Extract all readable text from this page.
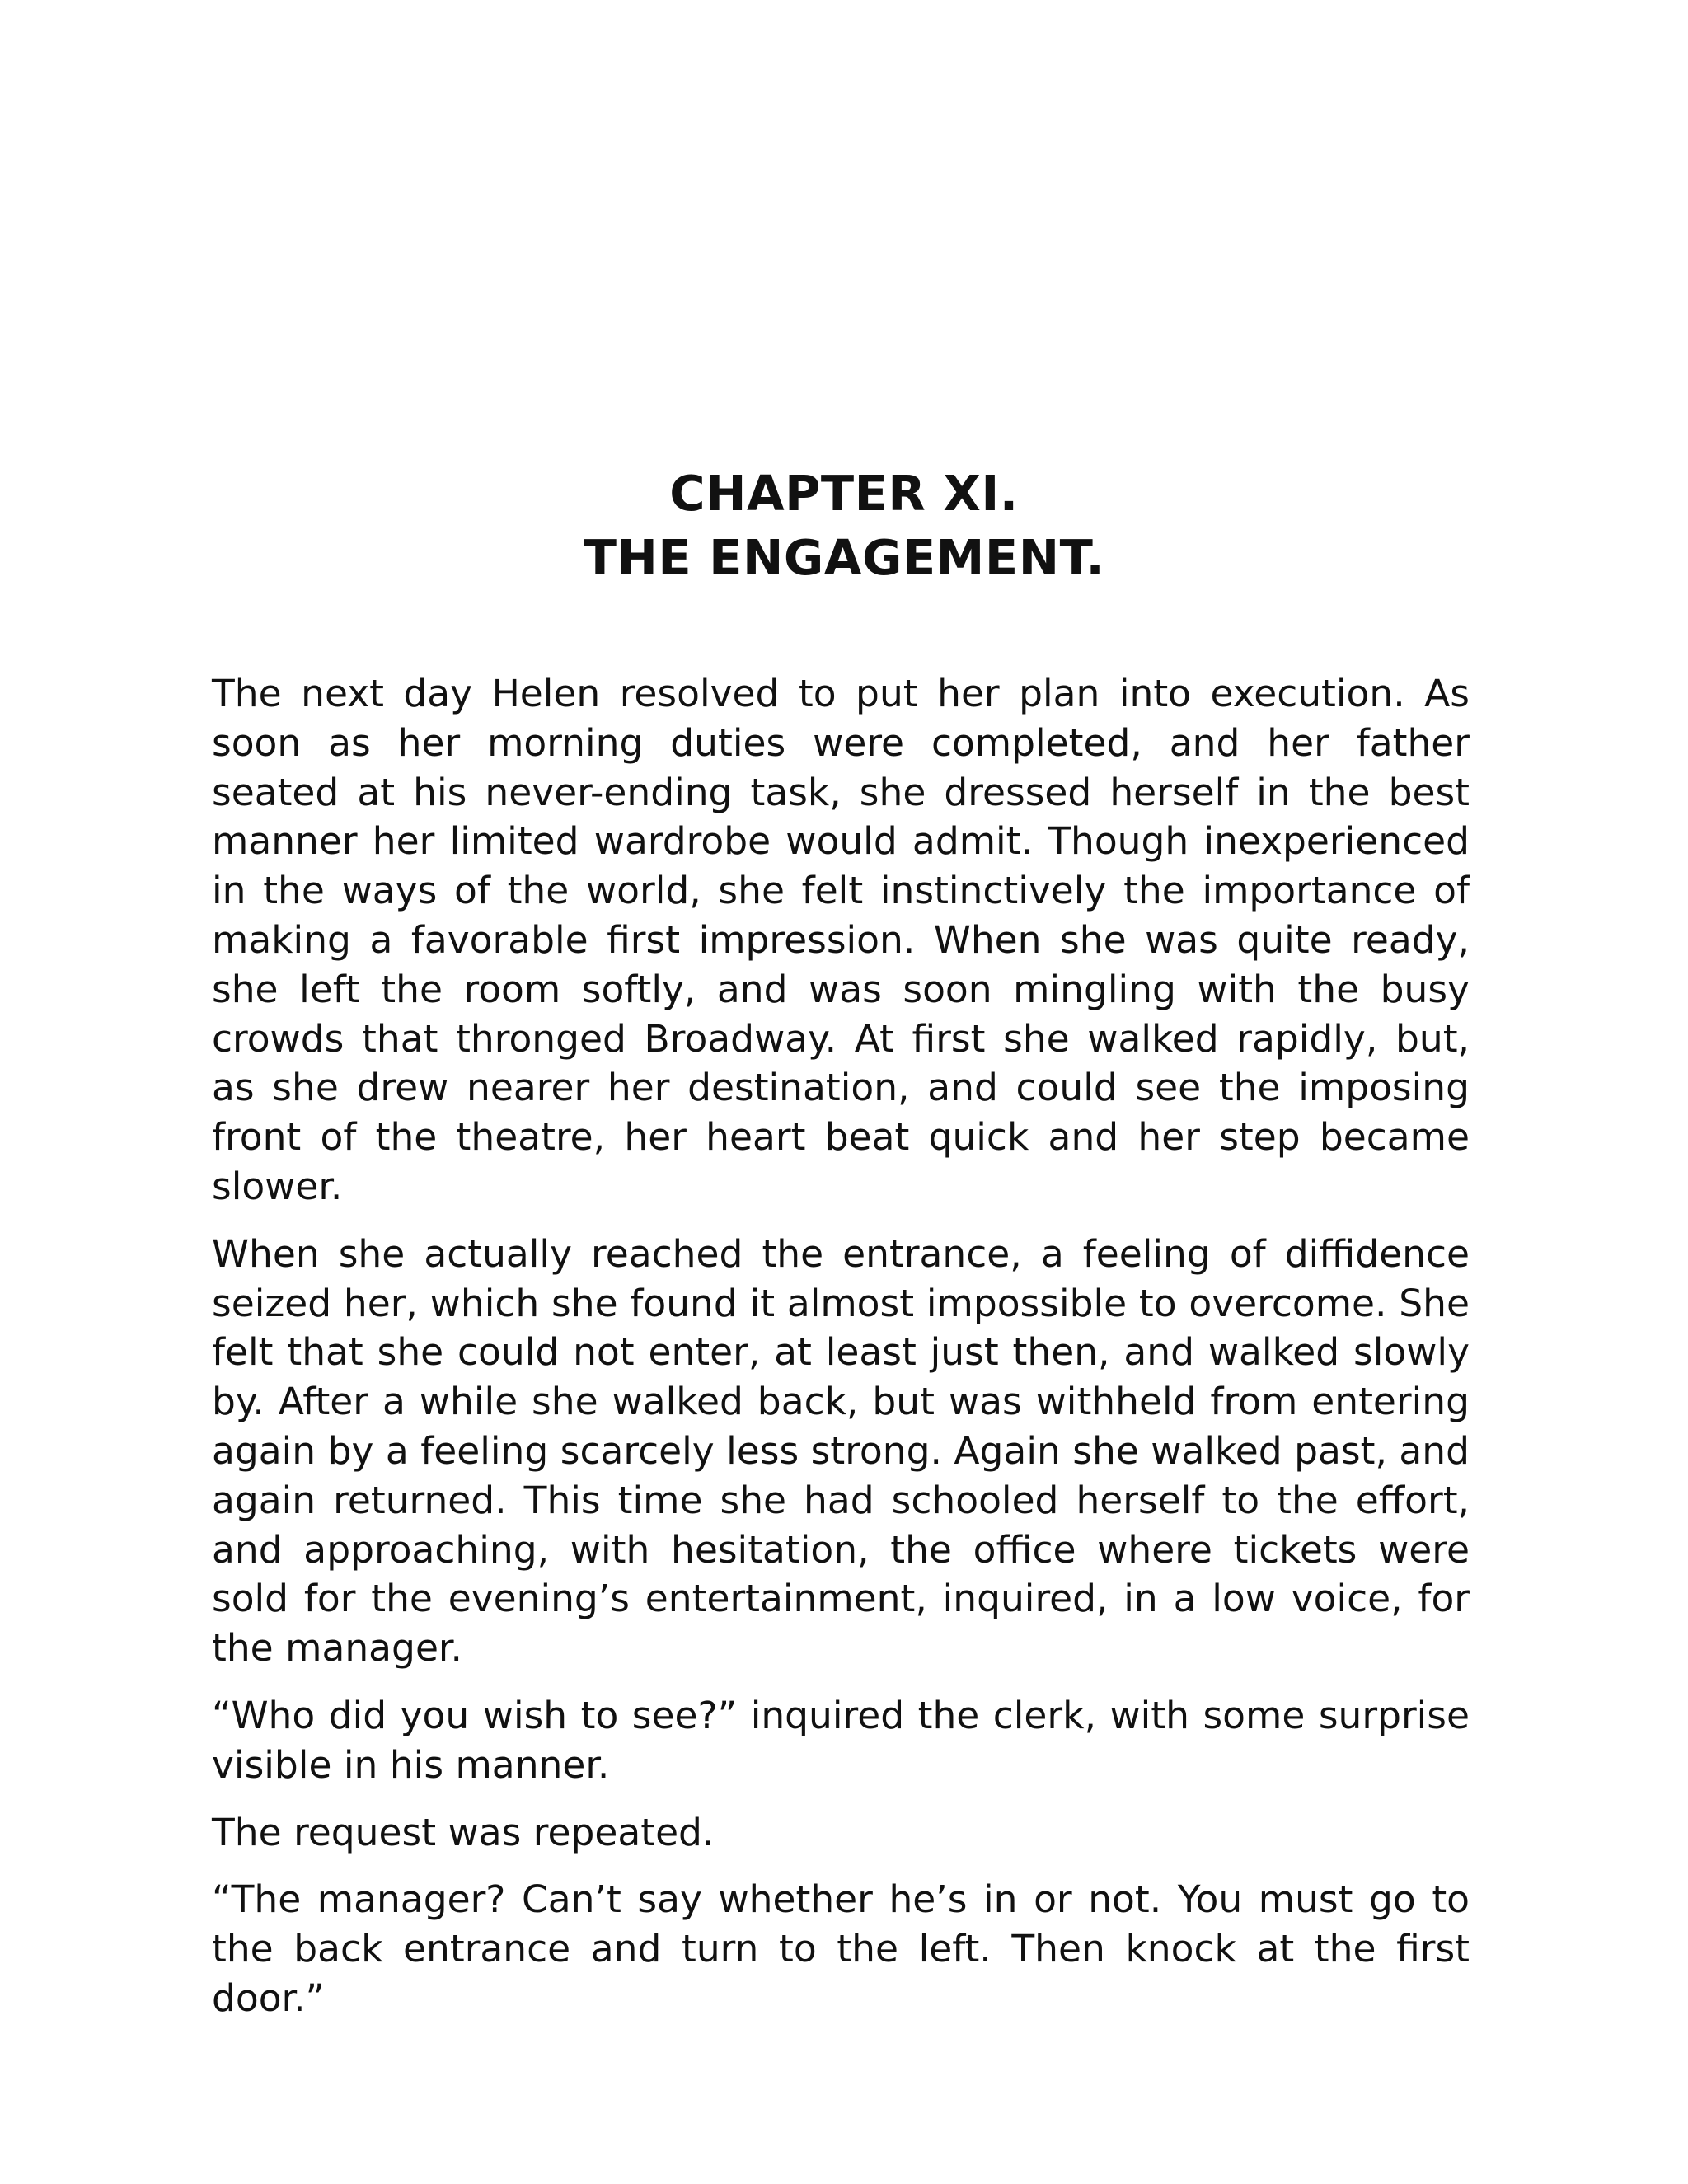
CHAPTER XI.
THE ENGAGEMENT.

The next day Helen resolved to put her plan into execution. As soon as her morning duties were completed, and her father seated at his never-ending task, she dressed herself in the best manner her limited wardrobe would admit. Though inexperienced in the ways of the world, she felt instinctively the importance of making a favorable first impression. When she was quite ready, she left the room softly, and was soon mingling with the busy crowds that thronged Broadway. At first she walked rapidly, but, as she drew nearer her destination, and could see the imposing front of the theatre, her heart beat quick and her step became slower.

When she actually reached the entrance, a feeling of diffidence seized her, which she found it almost impossible to overcome. She felt that she could not enter, at least just then, and walked slowly by. After a while she walked back, but was withheld from entering again by a feeling scarcely less strong. Again she walked past, and again returned. This time she had schooled herself to the effort, and approaching, with hesitation, the office where tickets were sold for the evening’s entertainment, inquired, in a low voice, for the manager.

“Who did you wish to see?” inquired the clerk, with some surprise visible in his manner.

The request was repeated.

“The manager? Can’t say whether he’s in or not. You must go to the back entrance and turn to the left. Then knock at the first door.”
